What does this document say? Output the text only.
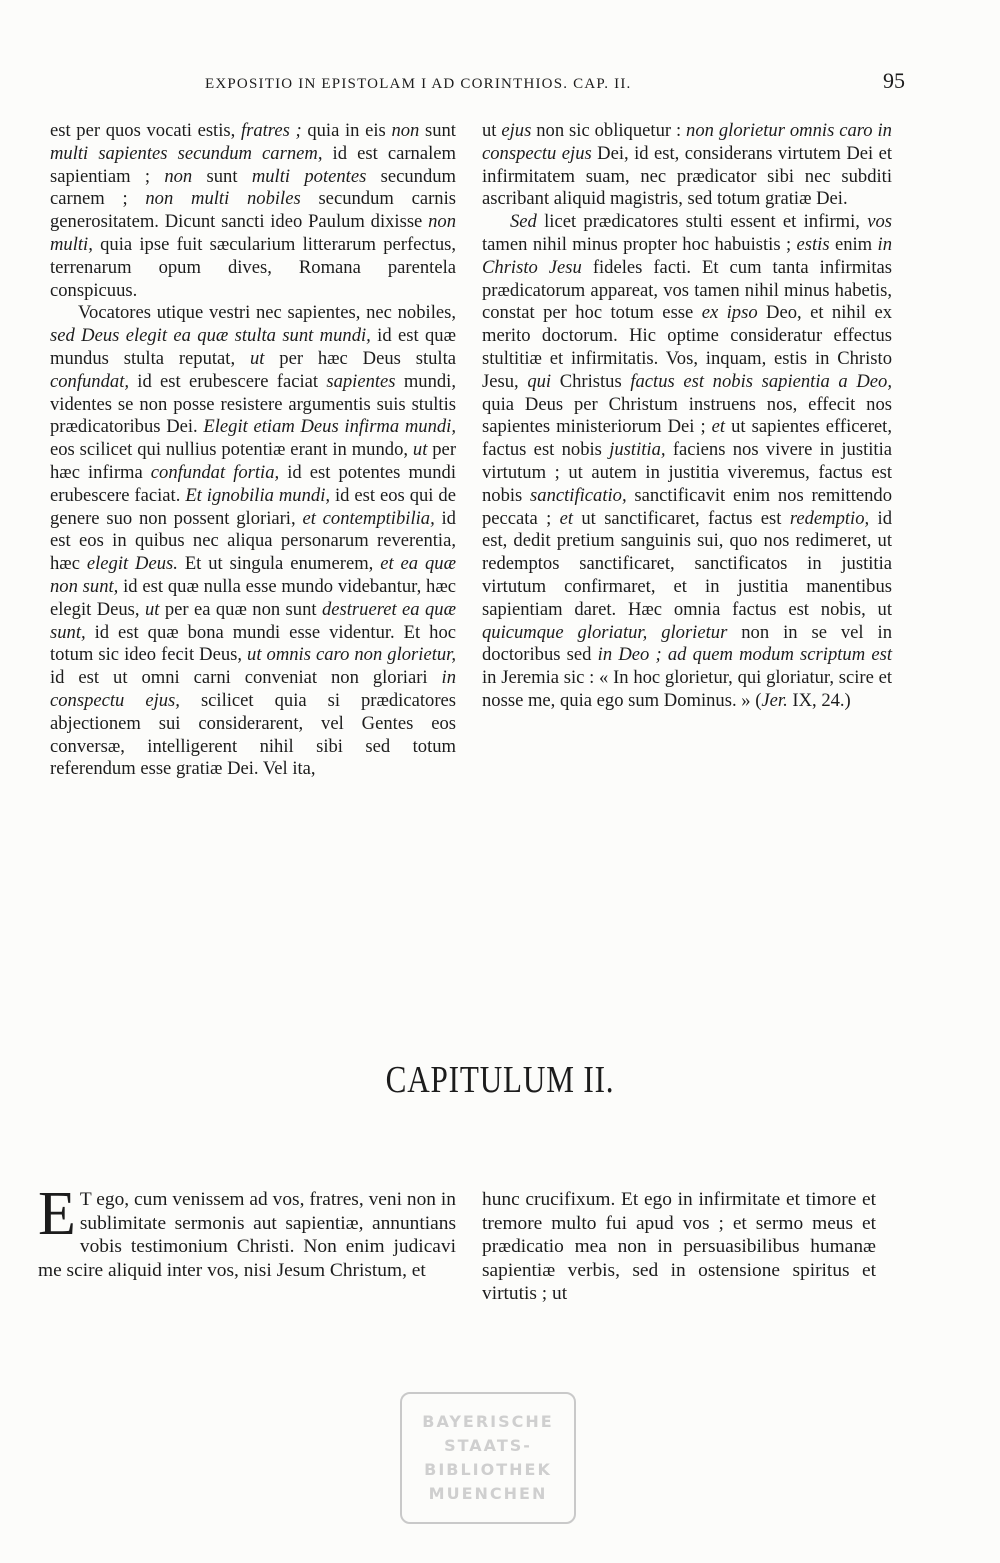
EXPOSITIO IN EPISTOLAM I AD CORINTHIOS. CAP. II.	95

est per quos vocati estis, fratres ; quia in eis non sunt multi sapientes secundum carnem, id est carnalem sapientiam ; non sunt multi potentes secundum carnem ; non multi nobiles secundum carnis generositatem. Dicunt sancti ideo Paulum dixisse non multi, quia ipse fuit sæcularium litterarum perfectus, terrenarum opum dives, Romana parentela conspicuus.

Vocatores utique vestri nec sapientes, nec nobiles, sed Deus elegit ea quæ stulta sunt mundi, id est quæ mundus stulta reputat, ut per hæc Deus stulta confundat, id est erubescere faciat sapientes mundi, videntes se non posse resistere argumentis suis stultis prædicatoribus Dei. Elegit etiam Deus infirma mundi, eos scilicet qui nullius potentiæ erant in mundo, ut per hæc infirma confundat fortia, id est potentes mundi erubescere faciat. Et ignobilia mundi, id est eos qui de genere suo non possent gloriari, et contemptibilia, id est eos in quibus nec aliqua personarum reverentia, hæc elegit Deus. Et ut singula enumerem, et ea quæ non sunt, id est quæ nulla esse mundo videbantur, hæc elegit Deus, ut per ea quæ non sunt destrueret ea quæ sunt, id est quæ bona mundi esse videntur. Et hoc totum sic ideo fecit Deus, ut omnis caro non glorietur, id est ut omni carni conveniat non gloriari in conspectu ejus, scilicet quia si prædicatores abjectionem sui considerarent, vel Gentes eos conversæ, intelligerent nihil sibi sed totum referendum esse gratiæ Dei. Vel ita,

ut ejus non sic obliquetur : non glorietur omnis caro in conspectu ejus Dei, id est, considerans virtutem Dei et infirmitatem suam, nec prædicator sibi nec subditi ascribant aliquid magistris, sed totum gratiæ Dei.

Sed licet prædicatores stulti essent et infirmi, vos tamen nihil minus propter hoc habuistis ; estis enim in Christo Jesu fideles facti. Et cum tanta infirmitas prædicatorum appareat, vos tamen nihil minus habetis, constat per hoc totum esse ex ipso Deo, et nihil ex merito doctorum. Hic optime consideratur effectus stultitiæ et infirmitatis. Vos, inquam, estis in Christo Jesu, qui Christus factus est nobis sapientia a Deo, quia Deus per Christum instruens nos, effecit nos sapientes ministeriorum Dei ; et ut sapientes efficeret, factus est nobis justitia, faciens nos vivere in justitia virtutum ; ut autem in justitia viveremus, factus est nobis sanctificatio, sanctificavit enim nos remittendo peccata ; et ut sanctificaret, factus est redemptio, id est, dedit pretium sanguinis sui, quo nos redimeret, ut redemptos sanctificaret, sanctificatos in justitia virtutum confirmaret, et in justitia manentibus sapientiam daret. Hæc omnia factus est nobis, ut quicumque gloriatur, glorietur non in se vel in doctoribus sed in Deo ; ad quem modum scriptum est in Jeremia sic : « In hoc glorietur, qui gloriatur, scire et nosse me, quia ego sum Dominus. » (Jer. IX, 24.)

CAPITULUM II.

E T ego, cum venissem ad vos, fratres, veni non in sublimitate sermonis aut sapientiæ, annuntians vobis testimonium Christi. Non enim judicavi me scire aliquid inter vos, nisi Jesum Christum, et

hunc crucifixum. Et ego in infirmitate et timore et tremore multo fui apud vos ; et sermo meus et prædicatio mea non in persuasibilibus humanæ sapientiæ verbis, sed in ostensione spiritus et virtutis ; ut

BAYERISCHE
STAATS-
BIBLIOTHEK
MUENCHEN
